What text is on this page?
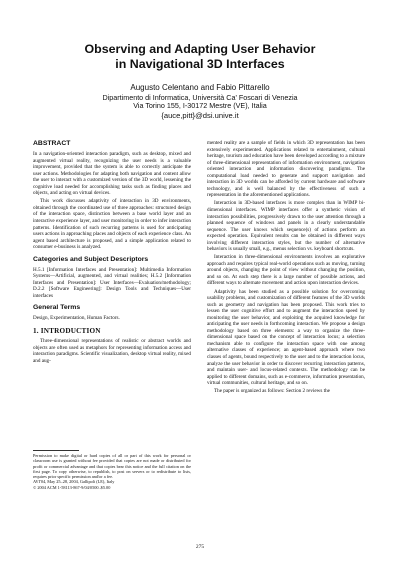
Observing and Adapting User Behavior
in Navigational 3D Interfaces
Augusto Celentano and Fabio Pittarello
Dipartimento di Informatica, Università Ca' Foscari di Venezia
Via Torino 155, I-30172 Mestre (VE), Italia
{auce,pitt}@dsi.unive.it
ABSTRACT

In a navigation-oriented interaction paradigm, such as desktop, mixed and augmented virtual reality, recognizing the user needs is a valuable improvement, provided that the system is able to correctly anticipate the user actions. Methodologies for adapting both navigation and content allow the user to interact with a customized version of the 3D world, lessening the cognitive load needed for accomplishing tasks such as finding places and objects, and acting on virtual devices.

This work discusses adaptivity of interaction in 3D environments, obtained through the coordinated use of three approaches: structured design of the interaction space, distinction between a base world layer and an interactive experience layer, and user monitoring in order to infer interaction patterns. Identification of such recurring patterns is used for anticipating users actions in approaching places and objects of each experience class. An agent based architecture is proposed, and a simple application related to consumer e-business is analyzed.

Categories and Subject Descriptors

H.5.1 [Information Interfaces and Presentation]: Multimedia Information Systems—Artificial, augmented, and virtual realities; H.5.2 [Information Interfaces and Presentation]: User Interfaces—Evaluation/methodology; D.2.2 [Software Engineering]: Design Tools and Techniques—User interfaces

General Terms

Design, Experimentation, Human Factors.

1. INTRODUCTION

Three-dimensional representations of realistic or abstract worlds and objects are often used as metaphors for representing information access and interaction paradigms. Scientific visualization, desktop virtual reality, mixed and aug-

Permission to make digital or hard copies of all or part of this work for personal or classroom use is granted without fee provided that copies are not made or distributed for profit or commercial advantage and that copies bear this notice and the full citation on the first page. To copy otherwise, to republish, to post on servers or to redistribute to lists, requires prior specific permission and/or a fee.

AVI'04, May 25–28, 2004, Gallipoli (LE), Italy

© 2004 ACM 1-58113-867-9/04/0500..$5.00

mented reality are a sample of fields in which 3D representation has been extensively experimented. Applications related to entertainment, cultural heritage, tourism and education have been developed according to a mixture of three-dimensional representation of information environment, navigation oriented interaction and information discovering paradigms. The computational load needed to generate and support navigation and interaction in 3D worlds can be afforded by current hardware and software technology, and is well balanced by the effectiveness of such a representation in the aforementioned applications.

Interaction in 3D-based interfaces is more complex than in WIMP bi-dimensional interfaces. WIMP interfaces offer a synthetic vision of interaction possibilities, progressively drawn to the user attention through a planned sequence of windows and panels in a clearly understandable sequence. The user knows which sequence(s) of actions perform an expected operation. Equivalent results can be obtained in different ways involving different interaction styles, but the number of alternative behaviors is usually small, e.g., menus selection vs. keyboard shortcuts.

Interaction in three-dimensional environments involves an explorative approach and requires typical real-world operations such as moving, turning around objects, changing the point of view without changing the position, and so on. At each step there is a large number of possible actions, and different ways to alternate movement and action upon interaction devices.

Adaptivity has been studied as a possible solution for overcoming usability problems, and customization of different features of the 3D worlds such as geometry and navigation has been proposed. This work tries to lessen the user cognitive effort and to augment the interaction speed by monitoring the user behavior, and exploiting the acquired knowledge for anticipating the user needs in forthcoming interaction. We propose a design methodology based on three elements: a way to organize the three-dimensional space based on the concept of interaction locus; a selection mechanism able to configure the interaction space with one among alternative classes of experience; an agent-based approach where two classes of agents, bound respectively to the user and to the interaction locus, analyze the user behavior in order to discover recurring interaction patterns, and maintain user- and locus-related contexts. The methodology can be applied to different domains, such as e-commerce, information presentation, virtual communities, cultural heritage, and so on.

The paper is organized as follows: Section 2 reviews the

275
